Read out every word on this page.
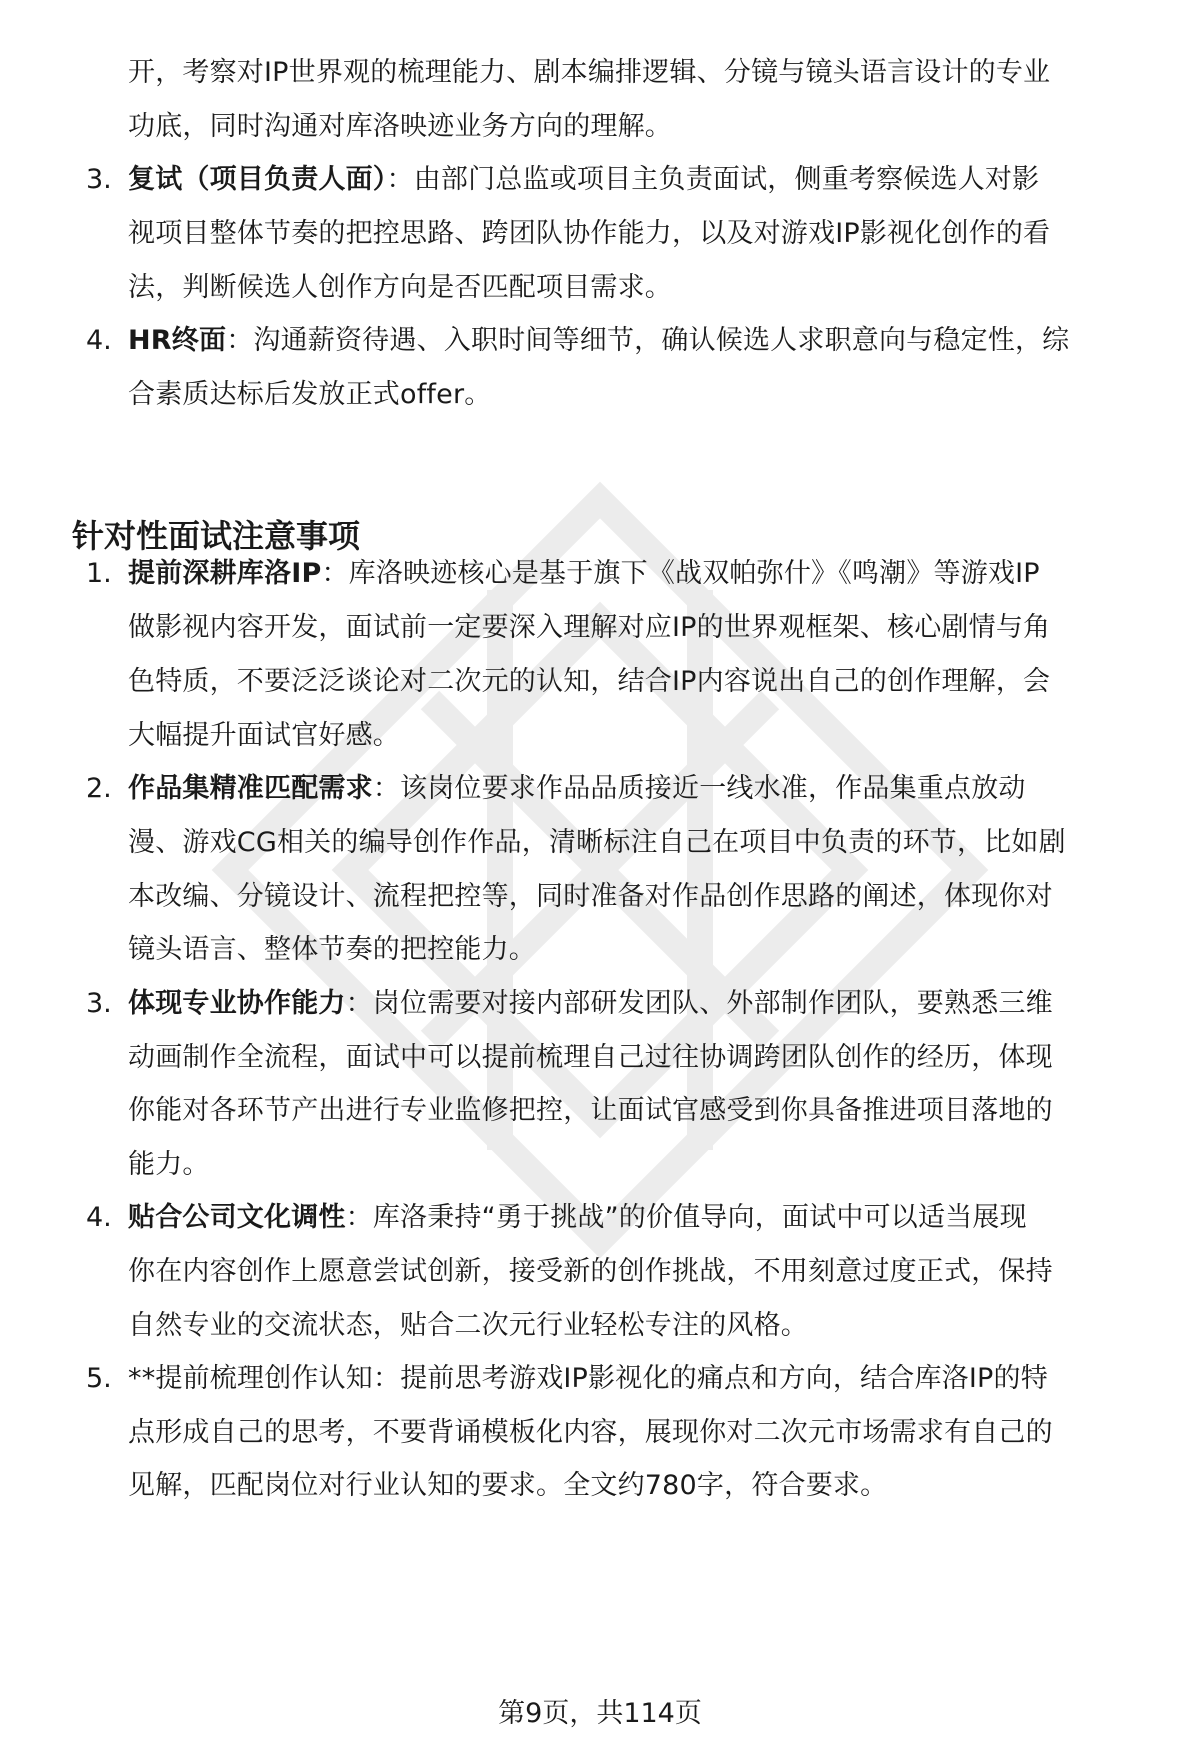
开，考察对IP世界观的梳理能力、剧本编排逻辑、分镜与镜头语言设计的专业
功底，同时沟通对库洛映迹业务方向的理解。
3. 复试（项目负责人面）：由部门总监或项目主负责面试，侧重考察候选人对影
视项目整体节奏的把控思路、跨团队协作能力，以及对游戏IP影视化创作的看
法，判断候选人创作方向是否匹配项目需求。
4. HR终面：沟通薪资待遇、入职时间等细节，确认候选人求职意向与稳定性，综
合素质达标后发放正式offer。
针对性面试注意事项
1. 提前深耕库洛IP：库洛映迹核心是基于旗下《战双帕弥什》《鸣潮》等游戏IP
做影视内容开发，面试前一定要深入理解对应IP的世界观框架、核心剧情与角
色特质，不要泛泛谈论对二次元的认知，结合IP内容说出自己的创作理解，会
大幅提升面试官好感。
2. 作品集精准匹配需求：该岗位要求作品品质接近一线水准，作品集重点放动
漫、游戏CG相关的编导创作作品，清晰标注自己在项目中负责的环节，比如剧
本改编、分镜设计、流程把控等，同时准备对作品创作思路的阐述，体现你对
镜头语言、整体节奏的把控能力。
3. 体现专业协作能力：岗位需要对接内部研发团队、外部制作团队，要熟悉三维
动画制作全流程，面试中可以提前梳理自己过往协调跨团队创作的经历，体现
你能对各环节产出进行专业监修把控，让面试官感受到你具备推进项目落地的
能力。
4. 贴合公司文化调性：库洛秉持“勇于挑战”的价值导向，面试中可以适当展现
你在内容创作上愿意尝试创新，接受新的创作挑战，不用刻意过度正式，保持
自然专业的交流状态，贴合二次元行业轻松专注的风格。
5. **提前梳理创作认知：提前思考游戏IP影视化的痛点和方向，结合库洛IP的特
点形成自己的思考，不要背诵模板化内容，展现你对二次元市场需求有自己的
见解，匹配岗位对行业认知的要求。全文约780字，符合要求。
第9页，共114页
